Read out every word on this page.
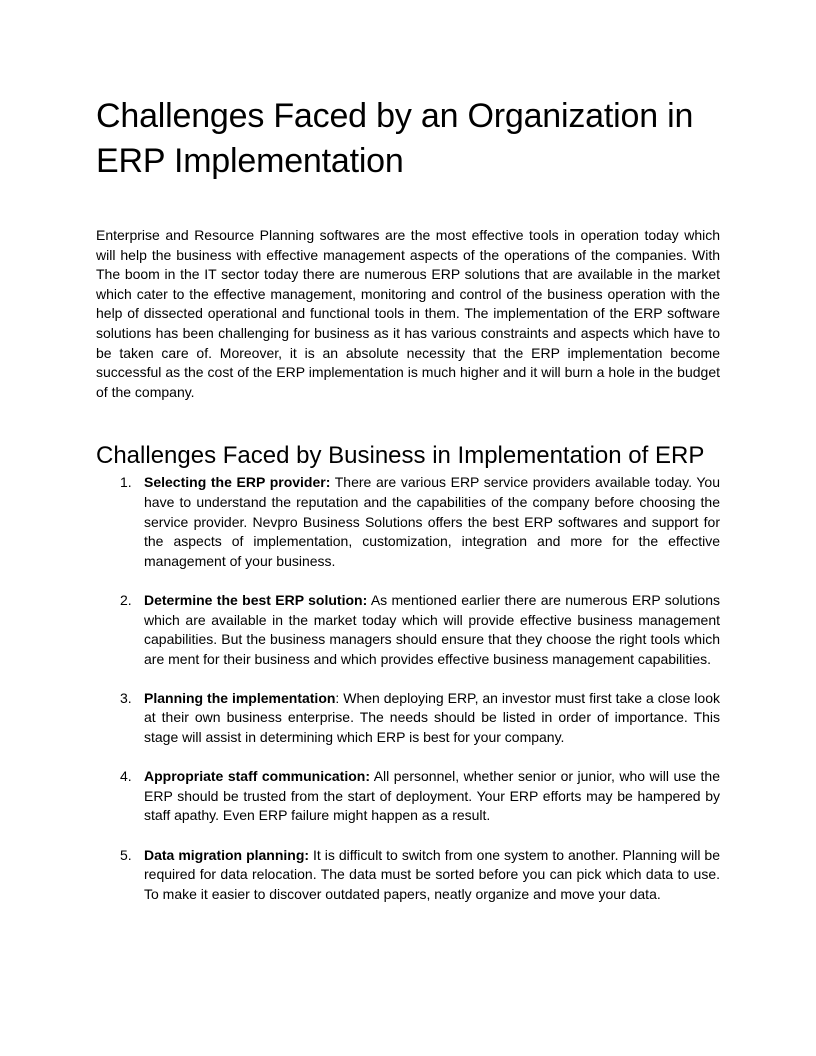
Challenges Faced by an Organization in ERP Implementation

Enterprise and Resource Planning softwares are the most effective tools in operation today which will help the business with effective management aspects of the operations of the companies. With The boom in the IT sector today there are numerous ERP solutions that are available in the market which cater to the effective management, monitoring and control of the business operation with the help of dissected operational and functional tools in them. The implementation of the ERP software solutions has been challenging for business as it has various constraints and aspects which have to be taken care of. Moreover, it is an absolute necessity that the ERP implementation become successful as the cost of the ERP implementation is much higher and it will burn a hole in the budget of the company.

Challenges Faced by Business in Implementation of ERP
1. Selecting the ERP provider: There are various ERP service providers available today. You have to understand the reputation and the capabilities of the company before choosing the service provider. Nevpro Business Solutions offers the best ERP softwares and support for the aspects of implementation, customization, integration and more for the effective management of your business.
2. Determine the best ERP solution: As mentioned earlier there are numerous ERP solutions which are available in the market today which will provide effective business management capabilities. But the business managers should ensure that they choose the right tools which are ment for their business and which provides effective business management capabilities.
3. Planning the implementation: When deploying ERP, an investor must first take a close look at their own business enterprise. The needs should be listed in order of importance. This stage will assist in determining which ERP is best for your company.
4. Appropriate staff communication: All personnel, whether senior or junior, who will use the ERP should be trusted from the start of deployment. Your ERP efforts may be hampered by staff apathy. Even ERP failure might happen as a result.
5. Data migration planning: It is difficult to switch from one system to another. Planning will be required for data relocation. The data must be sorted before you can pick which data to use. To make it easier to discover outdated papers, neatly organize and move your data.
